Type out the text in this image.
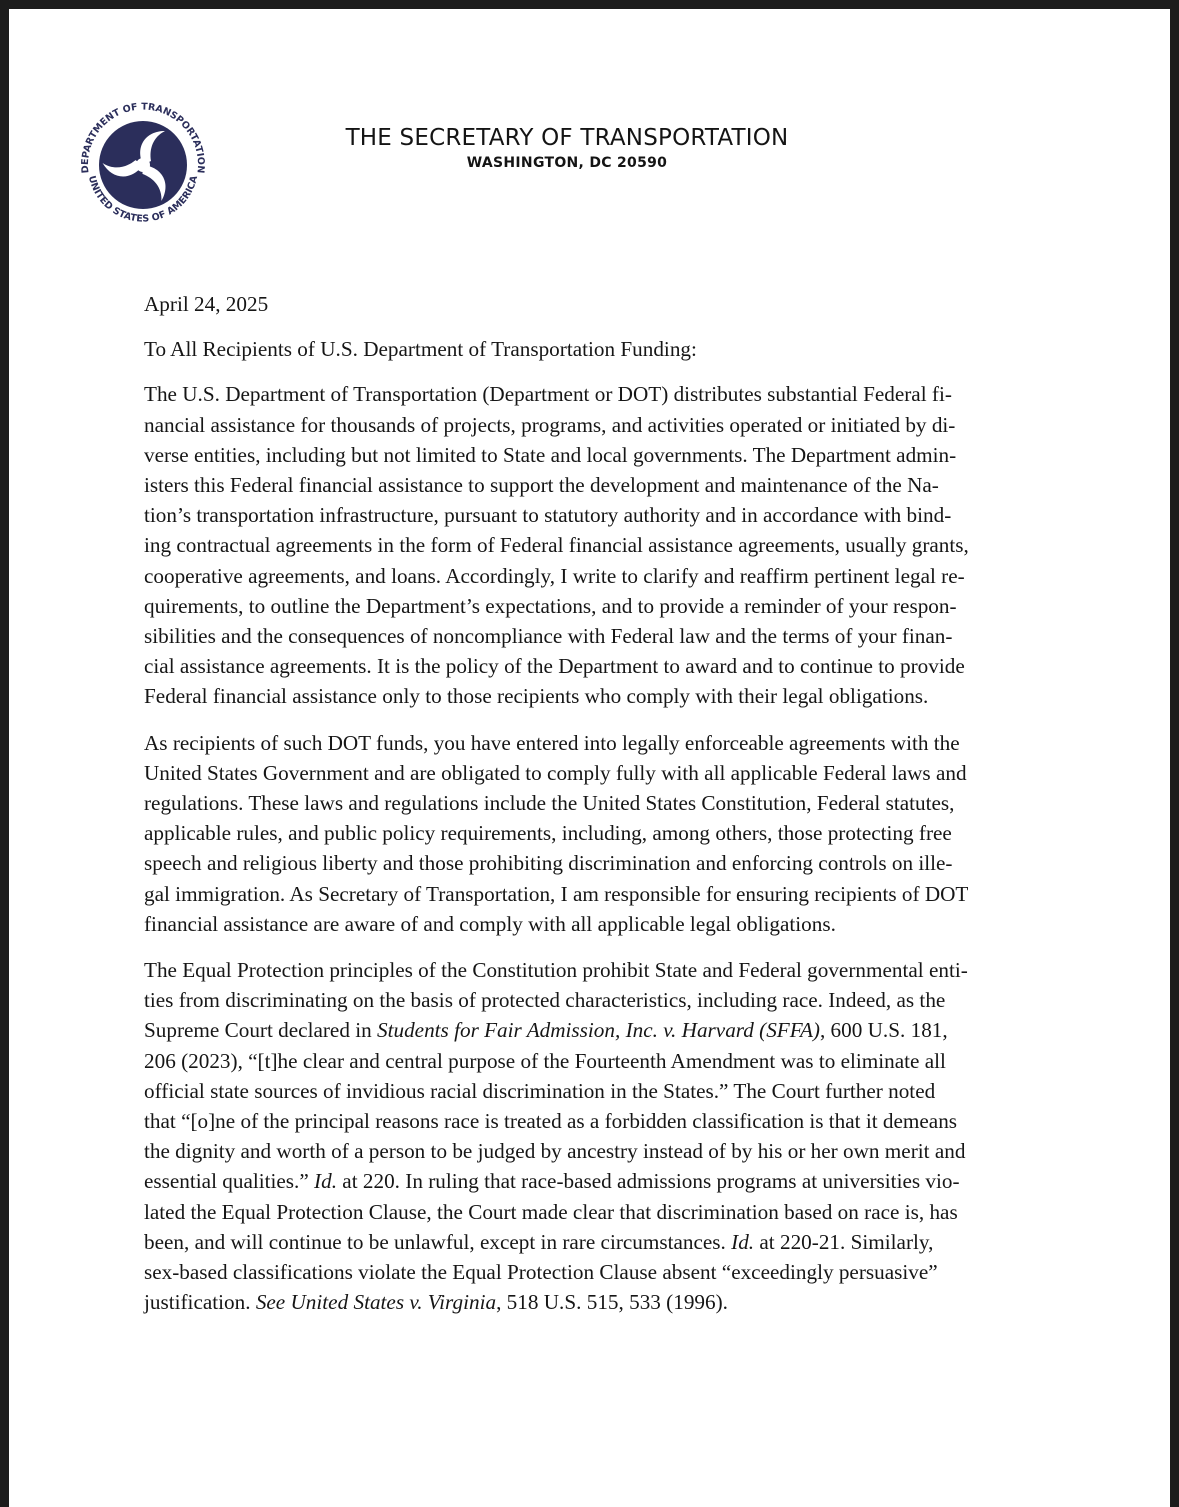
DEPARTMENT OF TRANSPORTATION
UNITED STATES OF AMERICA
THE SECRETARY OF TRANSPORTATION
WASHINGTON, DC 20590
April 24, 2025
To All Recipients of U.S. Department of Transportation Funding:
The U.S. Department of Transportation (Department or DOT) distributes substantial Federal fi-
nancial assistance for thousands of projects, programs, and activities operated or initiated by di-
verse entities, including but not limited to State and local governments. The Department admin-
isters this Federal financial assistance to support the development and maintenance of the Na-
tion’s transportation infrastructure, pursuant to statutory authority and in accordance with bind-
ing contractual agreements in the form of Federal financial assistance agreements, usually grants,
cooperative agreements, and loans. Accordingly, I write to clarify and reaffirm pertinent legal re-
quirements, to outline the Department’s expectations, and to provide a reminder of your respon-
sibilities and the consequences of noncompliance with Federal law and the terms of your finan-
cial assistance agreements. It is the policy of the Department to award and to continue to provide
Federal financial assistance only to those recipients who comply with their legal obligations.
As recipients of such DOT funds, you have entered into legally enforceable agreements with the
United States Government and are obligated to comply fully with all applicable Federal laws and
regulations. These laws and regulations include the United States Constitution, Federal statutes,
applicable rules, and public policy requirements, including, among others, those protecting free
speech and religious liberty and those prohibiting discrimination and enforcing controls on ille-
gal immigration. As Secretary of Transportation, I am responsible for ensuring recipients of DOT
financial assistance are aware of and comply with all applicable legal obligations.
The Equal Protection principles of the Constitution prohibit State and Federal governmental enti-
ties from discriminating on the basis of protected characteristics, including race. Indeed, as the
Supreme Court declared in Students for Fair Admission, Inc. v. Harvard (SFFA), 600 U.S. 181,
206 (2023), “[t]he clear and central purpose of the Fourteenth Amendment was to eliminate all
official state sources of invidious racial discrimination in the States.” The Court further noted
that “[o]ne of the principal reasons race is treated as a forbidden classification is that it demeans
the dignity and worth of a person to be judged by ancestry instead of by his or her own merit and
essential qualities.” Id. at 220. In ruling that race-based admissions programs at universities vio-
lated the Equal Protection Clause, the Court made clear that discrimination based on race is, has
been, and will continue to be unlawful, except in rare circumstances. Id. at 220-21. Similarly,
sex-based classifications violate the Equal Protection Clause absent “exceedingly persuasive”
justification. See United States v. Virginia, 518 U.S. 515, 533 (1996).
